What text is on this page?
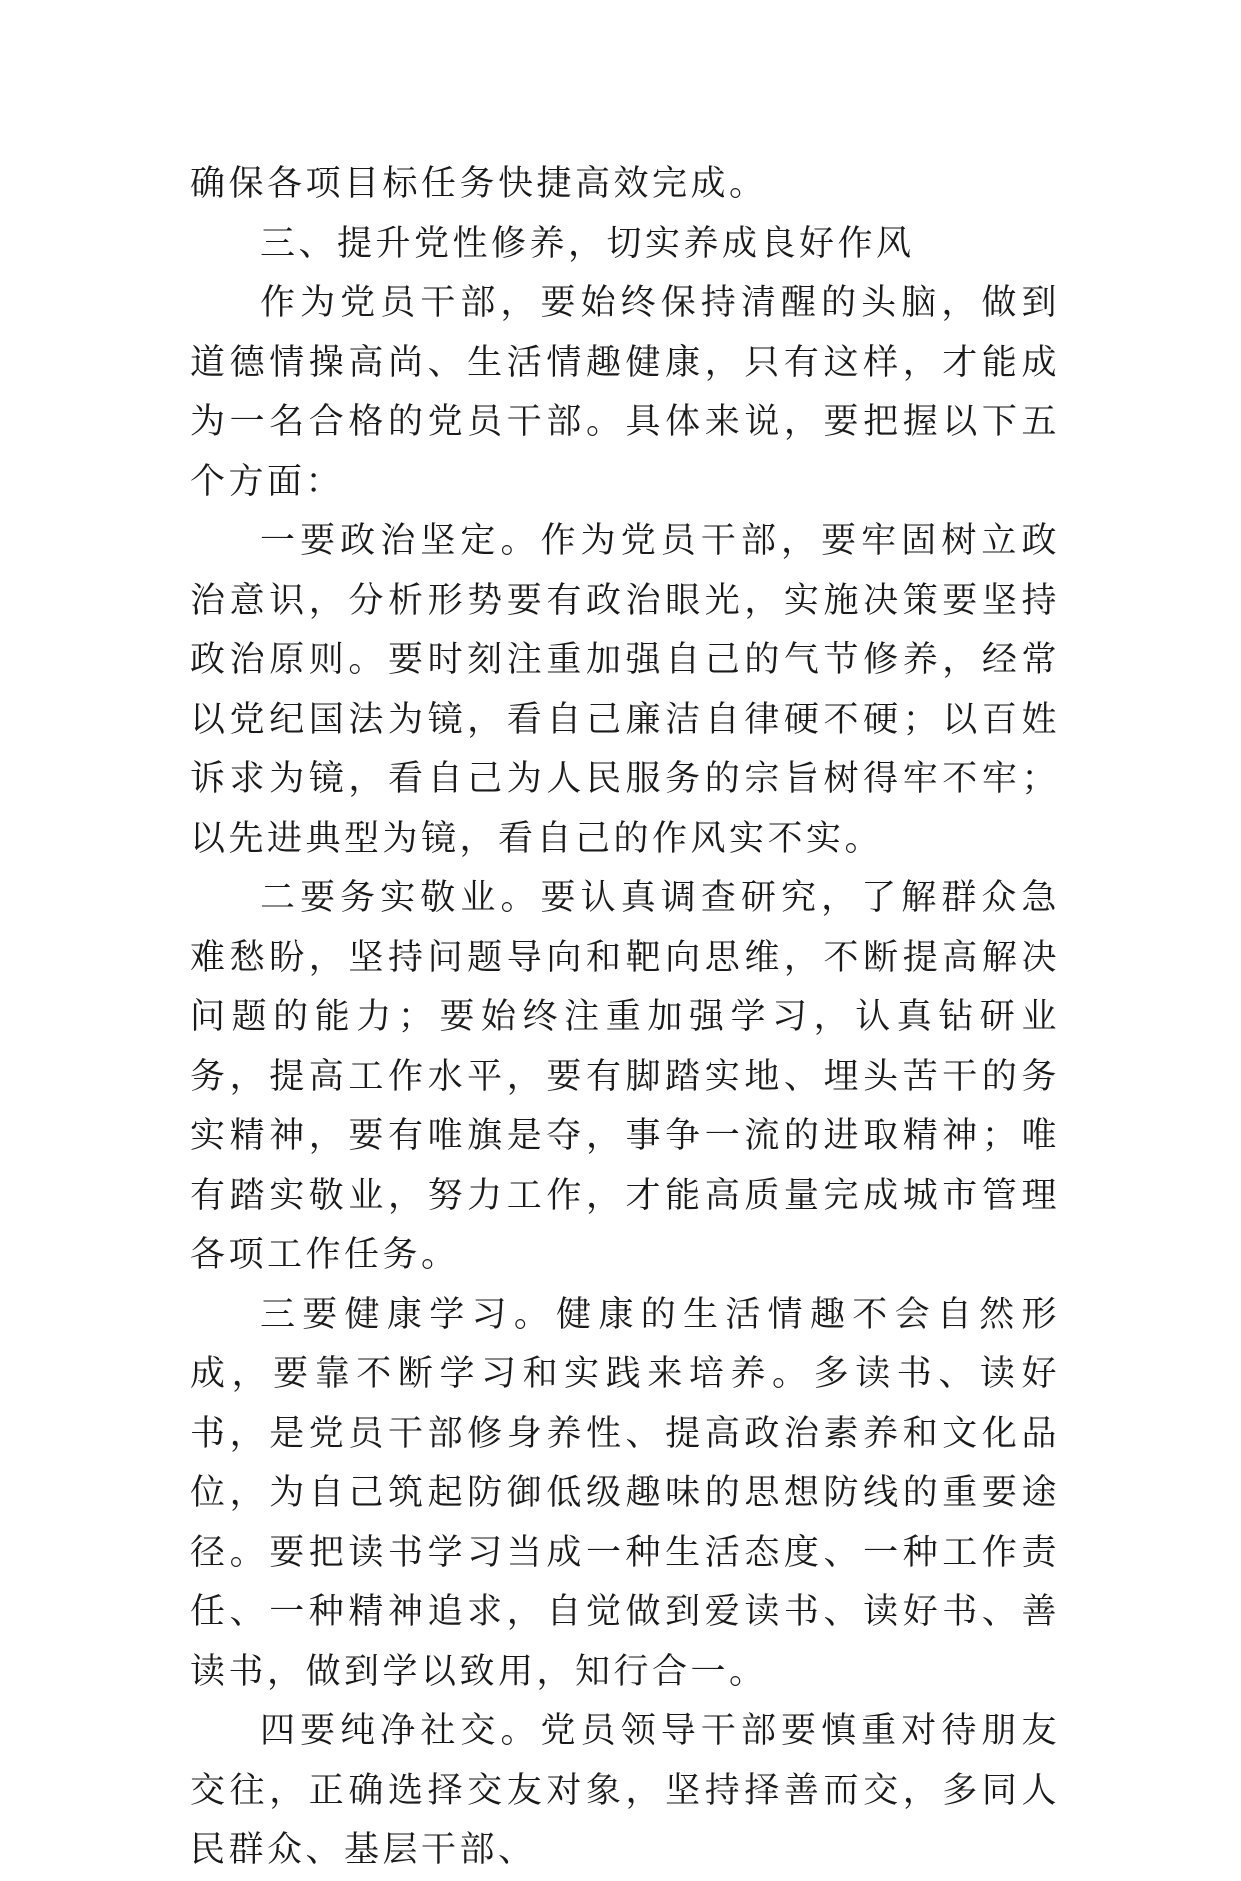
确保各项目标任务快捷高效完成。

三、提升党性修养，切实养成良好作风

作为党员干部，要始终保持清醒的头脑，做到道德情操高尚、生活情趣健康，只有这样，才能成为一名合格的党员干部。具体来说，要把握以下五个方面：

一要政治坚定。作为党员干部，要牢固树立政治意识，分析形势要有政治眼光，实施决策要坚持政治原则。要时刻注重加强自己的气节修养，经常以党纪国法为镜，看自己廉洁自律硬不硬；以百姓诉求为镜，看自己为人民服务的宗旨树得牢不牢；以先进典型为镜，看自己的作风实不实。

二要务实敬业。要认真调查研究，了解群众急难愁盼，坚持问题导向和靶向思维，不断提高解决问题的能力；要始终注重加强学习，认真钻研业务，提高工作水平，要有脚踏实地、埋头苦干的务实精神，要有唯旗是夺，事争一流的进取精神；唯有踏实敬业，努力工作，才能高质量完成城市管理各项工作任务。

三要健康学习。健康的生活情趣不会自然形成，要靠不断学习和实践来培养。多读书、读好书，是党员干部修身养性、提高政治素养和文化品位，为自己筑起防御低级趣味的思想防线的重要途径。要把读书学习当成一种生活态度、一种工作责任、一种精神追求，自觉做到爱读书、读好书、善读书，做到学以致用，知行合一。

四要纯净社交。党员领导干部要慎重对待朋友交往，正确选择交友对象，坚持择善而交，多同人民群众、基层干部、
